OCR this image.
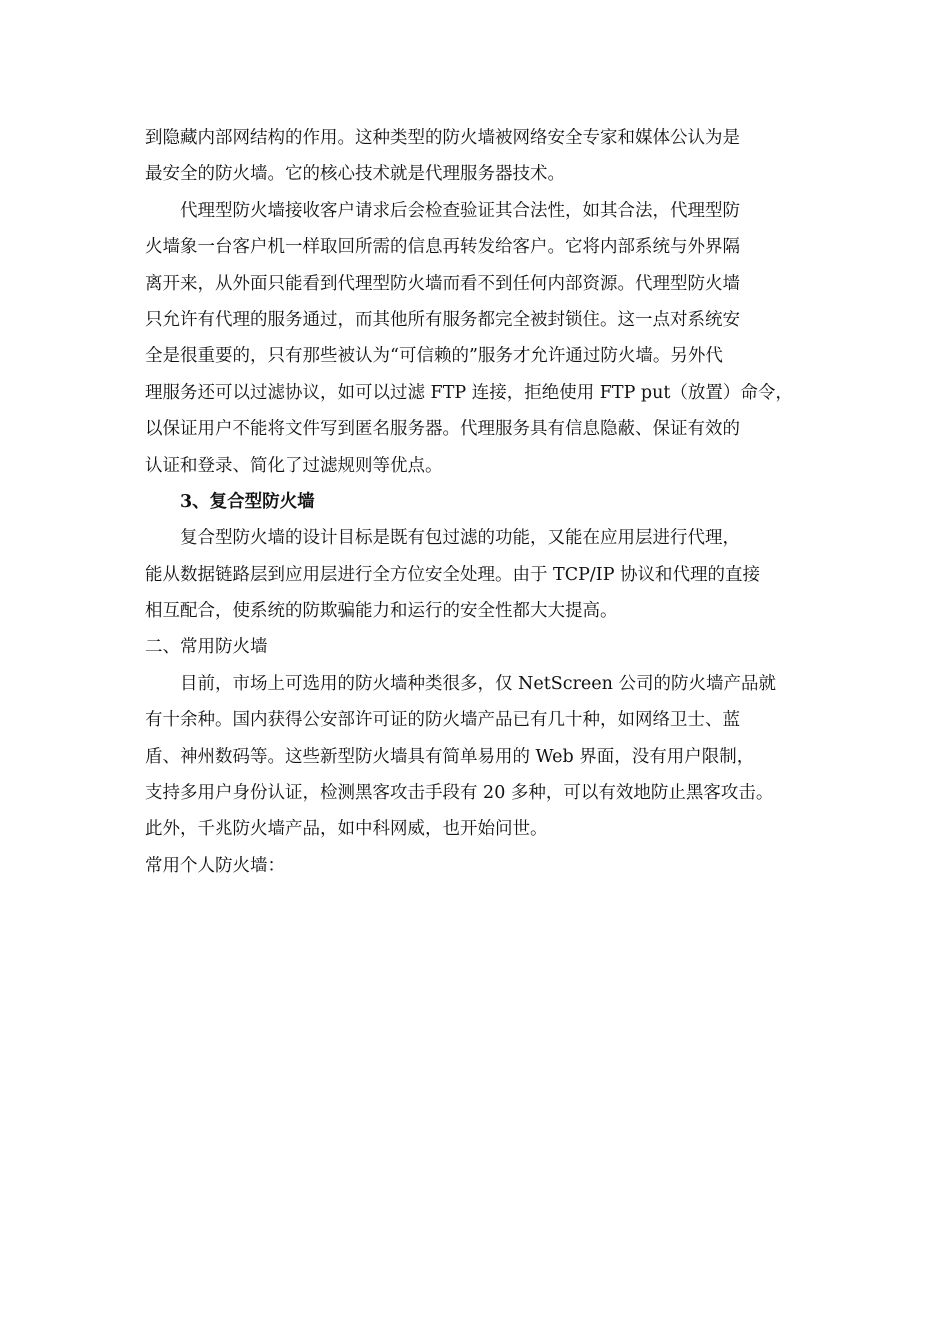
到隐藏内部网结构的作用。这种类型的防火墙被网络安全专家和媒体公认为是
最安全的防火墙。它的核心技术就是代理服务器技术。
代理型防火墙接收客户请求后会检查验证其合法性，如其合法，代理型防
火墙象一台客户机一样取回所需的信息再转发给客户。它将内部系统与外界隔
离开来，从外面只能看到代理型防火墙而看不到任何内部资源。代理型防火墙
只允许有代理的服务通过，而其他所有服务都完全被封锁住。这一点对系统安
全是很重要的，只有那些被认为“可信赖的”服务才允许通过防火墙。另外代
理服务还可以过滤协议，如可以过滤 FTP 连接，拒绝使用 FTP put（放置）命令，
以保证用户不能将文件写到匿名服务器。代理服务具有信息隐蔽、保证有效的
认证和登录、简化了过滤规则等优点。
3、复合型防火墙
复合型防火墙的设计目标是既有包过滤的功能，又能在应用层进行代理，
能从数据链路层到应用层进行全方位安全处理。由于 TCP/IP 协议和代理的直接
相互配合，使系统的防欺骗能力和运行的安全性都大大提高。
二、常用防火墙
目前，市场上可选用的防火墙种类很多，仅 NetScreen 公司的防火墙产品就
有十余种。国内获得公安部许可证的防火墙产品已有几十种，如网络卫士、蓝
盾、神州数码等。这些新型防火墙具有简单易用的 Web 界面，没有用户限制，
支持多用户身份认证，检测黑客攻击手段有 20 多种，可以有效地防止黑客攻击。
此外，千兆防火墙产品，如中科网威，也开始问世。
常用个人防火墙：
